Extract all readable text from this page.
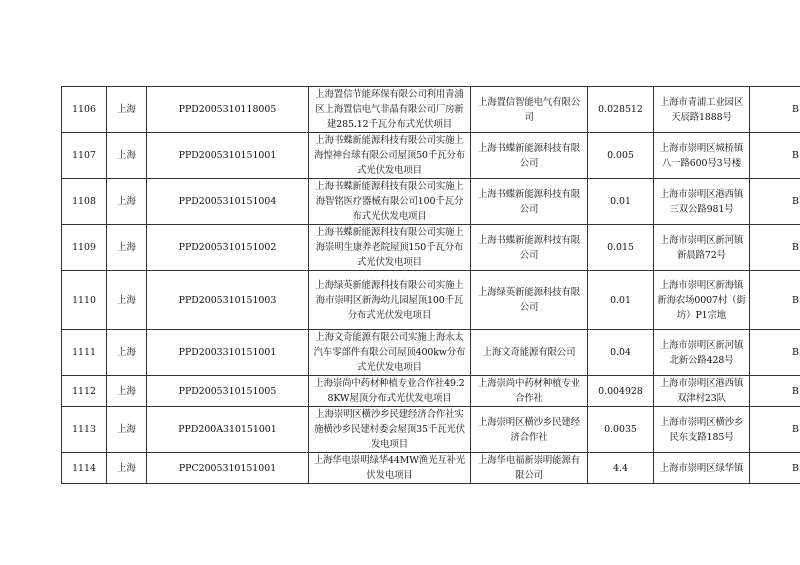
1106	上海	PPD2005310118005	上海置信节能环保有限公司利用青浦区上海置信电气非晶有限公司厂房新建285.12千瓦分布式光伏项目	上海置信智能电气有限公司	0.028512	上海市青浦工业园区天辰路1888号	B
1107	上海	PPD2005310151001	上海书蝶新能源科技有限公司实施上海惶神台球有限公司屋顶50千瓦分布式光伏发电项目	上海书蝶新能源科技有限公司	0.005	上海市崇明区城桥镇八一路600号3号楼	B
1108	上海	PPD2005310151004	上海书蝶新能源科技有限公司实施上海智铭医疗器械有限公司100千瓦分布式光伏发电项目	上海书蝶新能源科技有限公司	0.01	上海市崇明区港西镇三双公路981号	B
1109	上海	PPD2005310151002	上海书蝶新能源科技有限公司实施上海崇明生康养老院屋顶150千瓦分布式光伏发电项目	上海书蝶新能源科技有限公司	0.015	上海市崇明区新河镇新晨路72号	B
1110	上海	PPD2005310151003	上海绿英新能源科技有限公司实施上海市崇明区新海幼儿园屋顶100千瓦分布式光伏发电项目	上海绿英新能源科技有限公司	0.01	上海市崇明区新海镇新海农场0007村（街坊）P1宗地	B
1111	上海	PPD2003310151001	上海文奇能源有限公司实施上海永太汽车零部件有限公司屋顶400kw分布式光伏发电项目	上海文奇能源有限公司	0.04	上海市崇明区新河镇北新公路428号	B
1112	上海	PPD2005310151005	上海崇尚中药材种植专业合作社49.28KW屋顶分布式光伏发电项目	上海崇尚中药材种植专业合作社	0.004928	上海市崇明区港西镇双津村23队	B
1113	上海	PPD200A310151001	上海崇明区横沙乡民建经济合作社实施横沙乡民建村委会屋顶35千瓦光伏发电项目	上海崇明区横沙乡民建经济合作社	0.0035	上海市崇明区横沙乡民东支路185号	B
1114	上海	PPC2005310151001	上海华电崇明绿华44MW渔光互补光伏发电项目	上海华电福新崇明能源有限公司	4.4	上海市崇明区绿华镇	B
